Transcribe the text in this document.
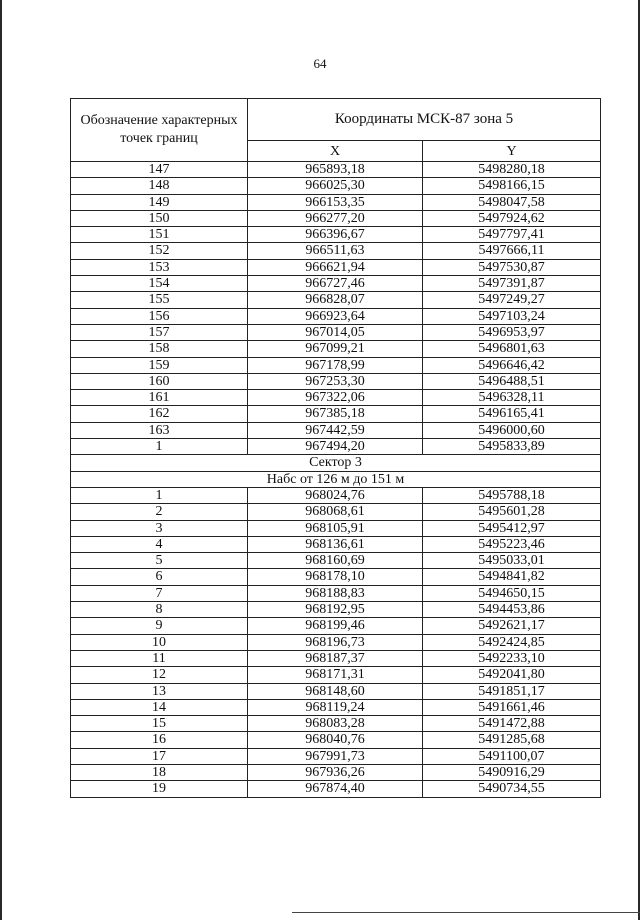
64
Обозначение характерных точек границ	Координаты МСК-87 зона 5	
	X	Y
147	965893,18	5498280,18
148	966025,30	5498166,15
149	966153,35	5498047,58
150	966277,20	5497924,62
151	966396,67	5497797,41
152	966511,63	5497666,11
153	966621,94	5497530,87
154	966727,46	5497391,87
155	966828,07	5497249,27
156	966923,64	5497103,24
157	967014,05	5496953,97
158	967099,21	5496801,63
159	967178,99	5496646,42
160	967253,30	5496488,51
161	967322,06	5496328,11
162	967385,18	5496165,41
163	967442,59	5496000,60
1	967494,20	5495833,89
Сектор 3		
Набс от 126 м до 151 м		
1	968024,76	5495788,18
2	968068,61	5495601,28
3	968105,91	5495412,97
4	968136,61	5495223,46
5	968160,69	5495033,01
6	968178,10	5494841,82
7	968188,83	5494650,15
8	968192,95	5494453,86
9	968199,46	5492621,17
10	968196,73	5492424,85
11	968187,37	5492233,10
12	968171,31	5492041,80
13	968148,60	5491851,17
14	968119,24	5491661,46
15	968083,28	5491472,88
16	968040,76	5491285,68
17	967991,73	5491100,07
18	967936,26	5490916,29
19	967874,40	5490734,55
